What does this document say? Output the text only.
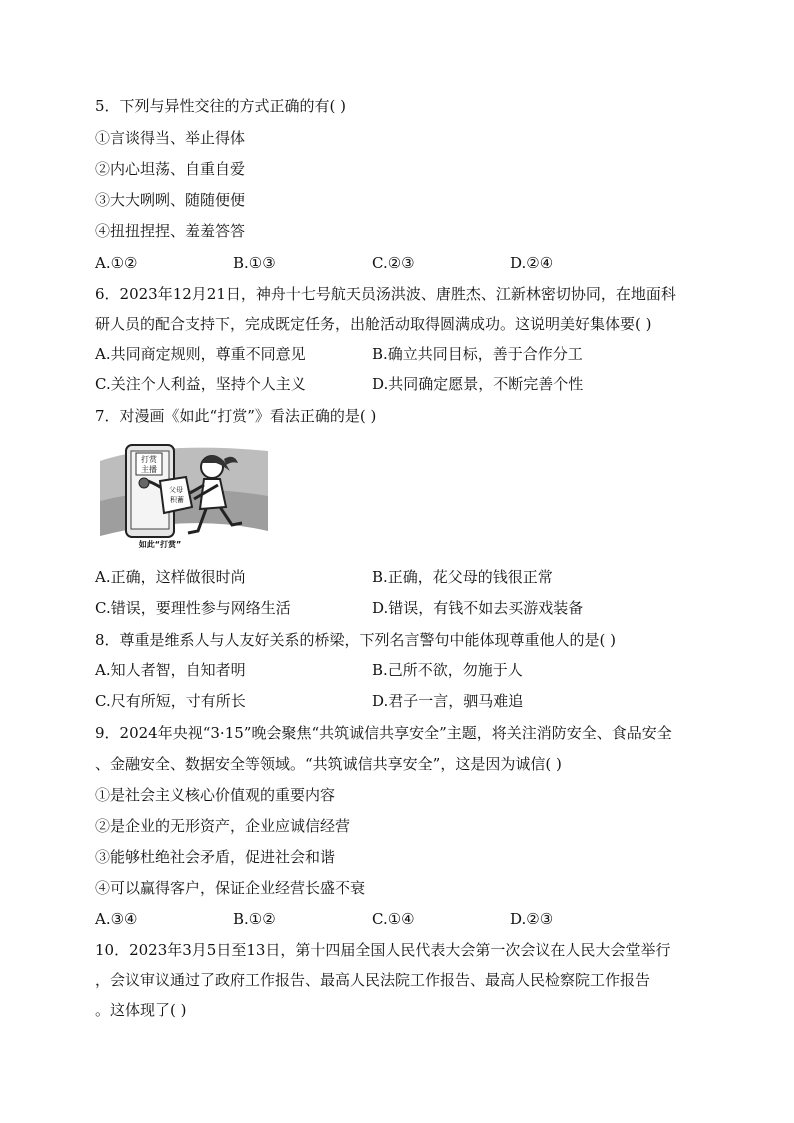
5．下列与异性交往的方式正确的有( )
①言谈得当、举止得体
②内心坦荡、自重自爱
③大大咧咧、随随便便
④扭扭捏捏、羞羞答答
A.①②	B.①③	C.②③	D.②④
6．2023年12月21日，神舟十七号航天员汤洪波、唐胜杰、江新林密切协同，在地面科
研人员的配合支持下，完成既定任务，出舱活动取得圆满成功。这说明美好集体要( )
A.共同商定规则，尊重不同意见	B.确立共同目标，善于合作分工
C.关注个人利益，坚持个人主义	D.共同确定愿景，不断完善个性
7．对漫画《如此“打赏”》看法正确的是( )
打赏
主播
父母
积蓄
如此“打赏”
A.正确，这样做很时尚	B.正确，花父母的钱很正常
C.错误，要理性参与网络生活	D.错误，有钱不如去买游戏装备
8．尊重是维系人与人友好关系的桥梁，下列名言警句中能体现尊重他人的是( )
A.知人者智，自知者明	B.己所不欲，勿施于人
C.尺有所短，寸有所长	D.君子一言，驷马难追
9．2024年央视“3·15”晚会聚焦“共筑诚信共享安全”主题，将关注消防安全、食品安全
、金融安全、数据安全等领域。“共筑诚信共享安全”，这是因为诚信( )
①是社会主义核心价值观的重要内容
②是企业的无形资产，企业应诚信经营
③能够杜绝社会矛盾，促进社会和谐
④可以赢得客户，保证企业经营长盛不衰
A.③④	B.①②	C.①④	D.②③
10．2023年3月5日至13日，第十四届全国人民代表大会第一次会议在人民大会堂举行
，会议审议通过了政府工作报告、最高人民法院工作报告、最高人民检察院工作报告
。这体现了( )
